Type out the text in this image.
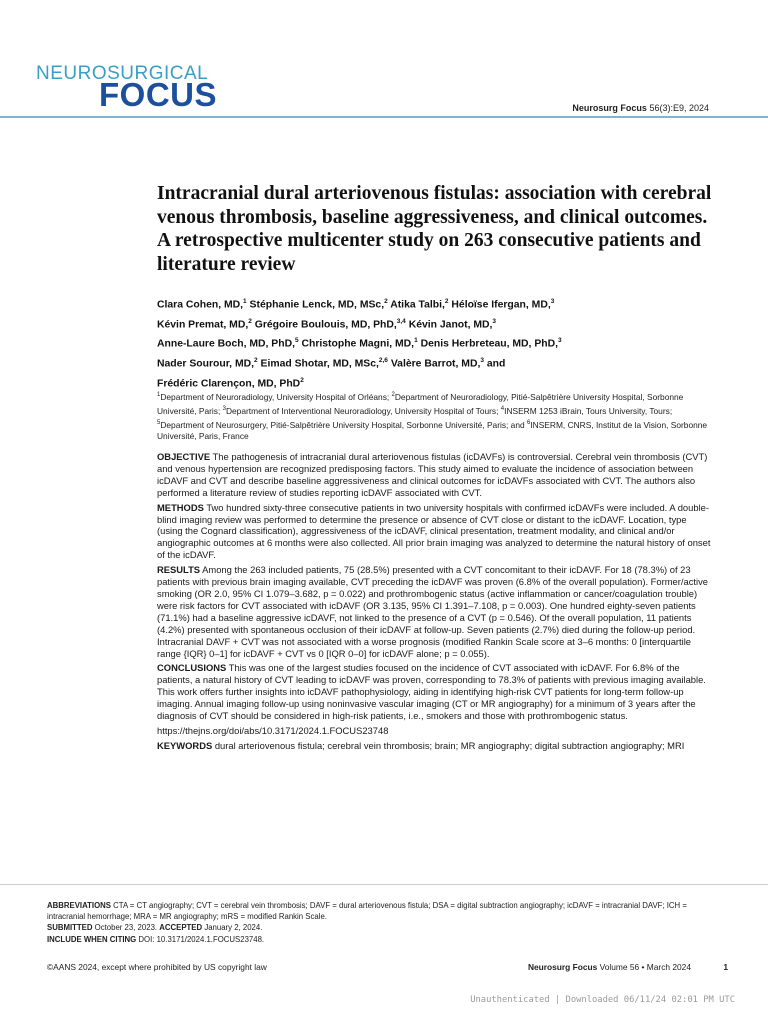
NEUROSURGICAL
FOCUS	Neurosurg Focus 56(3):E9, 2024
Intracranial dural arteriovenous fistulas: association with cerebral venous thrombosis, baseline aggressiveness, and clinical outcomes. A retrospective multicenter study on 263 consecutive patients and literature review
Clara Cohen, MD,$^1$ Stéphanie Lenck, MD, MSc,$^2$ Atika Talbi,$^2$ Héloïse Ifergan, MD,$^3$
Kévin Premat, MD,$^2$ Grégoire Boulouis, MD, PhD,$^{3,4}$ Kévin Janot, MD,$^3$
Anne-Laure Boch, MD, PhD,$^5$ Christophe Magni, MD,$^1$ Denis Herbreteau, MD, PhD,$^3$
Nader Sourour, MD,$^2$ Eimad Shotar, MD, MSc,$^{2,6}$ Valère Barrot, MD,$^3$ and
Frédéric Clarençon, MD, PhD$^2$
$^1$Department of Neuroradiology, University Hospital of Orléans; $^2$Department of Neuroradiology, Pitié-Salpêtrière University Hospital, Sorbonne Université, Paris; $^3$Department of Interventional Neuroradiology, University Hospital of Tours; $^4$INSERM 1253 iBrain, Tours University, Tours; $^5$Department of Neurosurgery, Pitié-Salpêtrière University Hospital, Sorbonne Université, Paris; and $^6$INSERM, CNRS, Institut de la Vision, Sorbonne Université, Paris, France

OBJECTIVE The pathogenesis of intracranial dural arteriovenous fistulas (icDAVFs) is controversial. Cerebral vein thrombosis (CVT) and venous hypertension are recognized predisposing factors. This study aimed to evaluate the incidence of association between icDAVF and CVT and describe baseline aggressiveness and clinical outcomes for icDAVFs associated with CVT. The authors also performed a literature review of studies reporting icDAVF associated with CVT.

METHODS Two hundred sixty-three consecutive patients in two university hospitals with confirmed icDAVFs were included. A double-blind imaging review was performed to determine the presence or absence of CVT close or distant to the icDAVF. Location, type (using the Cognard classification), aggressiveness of the icDAVF, clinical presentation, treatment modality, and clinical and/or angiographic outcomes at 6 months were also collected. All prior brain imaging was analyzed to determine the natural history of onset of the icDAVF.

RESULTS Among the 263 included patients, 75 (28.5%) presented with a CVT concomitant to their icDAVF. For 18 (78.3%) of 23 patients with previous brain imaging available, CVT preceding the icDAVF was proven (6.8% of the overall population). Former/active smoking (OR 2.0, 95% CI 1.079–3.682, p = 0.022) and prothrombogenic status (active inflammation or cancer/coagulation trouble) were risk factors for CVT associated with icDAVF (OR 3.135, 95% CI 1.391–7.108, p = 0.003). One hundred eighty-seven patients (71.1%) had a baseline aggressive icDAVF, not linked to the presence of a CVT (p = 0.546). Of the overall population, 11 patients (4.2%) presented with spontaneous occlusion of their icDAVF at follow-up. Seven patients (2.7%) died during the follow-up period. Intracranial DAVF + CVT was not associated with a worse prognosis (modified Rankin Scale score at 3–6 months: 0 [interquartile range {IQR} 0–1] for icDAVF + CVT vs 0 [IQR 0–0] for icDAVF alone; p = 0.055).

CONCLUSIONS This was one of the largest studies focused on the incidence of CVT associated with icDAVF. For 6.8% of the patients, a natural history of CVT leading to icDAVF was proven, corresponding to 78.3% of patients with previous imaging available. This work offers further insights into icDAVF pathophysiology, aiding in identifying high-risk CVT patients for long-term follow-up imaging. Annual imaging follow-up using noninvasive vascular imaging (CT or MR angiography) for a minimum of 3 years after the diagnosis of CVT should be considered in high-risk patients, i.e., smokers and those with prothrombogenic status.

https://thejns.org/doi/abs/10.3171/2024.1.FOCUS23748

KEYWORDS dural arteriovenous fistula; cerebral vein thrombosis; brain; MR angiography; digital subtraction angiography; MRI

ABBREVIATIONS CTA = CT angiography; CVT = cerebral vein thrombosis; DAVF = dural arteriovenous fistula; DSA = digital subtraction angiography; icDAVF = intracranial DAVF; ICH = intracranial hemorrhage; MRA = MR angiography; mRS = modified Rankin Scale.

SUBMITTED October 23, 2023. ACCEPTED January 2, 2024.

INCLUDE WHEN CITING DOI: 10.3171/2024.1.FOCUS23748.

©AANS 2024, except where prohibited by US copyright law	Neurosurg Focus Volume 56 • March 2024	1
Unauthenticated | Downloaded 06/11/24 02:01 PM UTC
